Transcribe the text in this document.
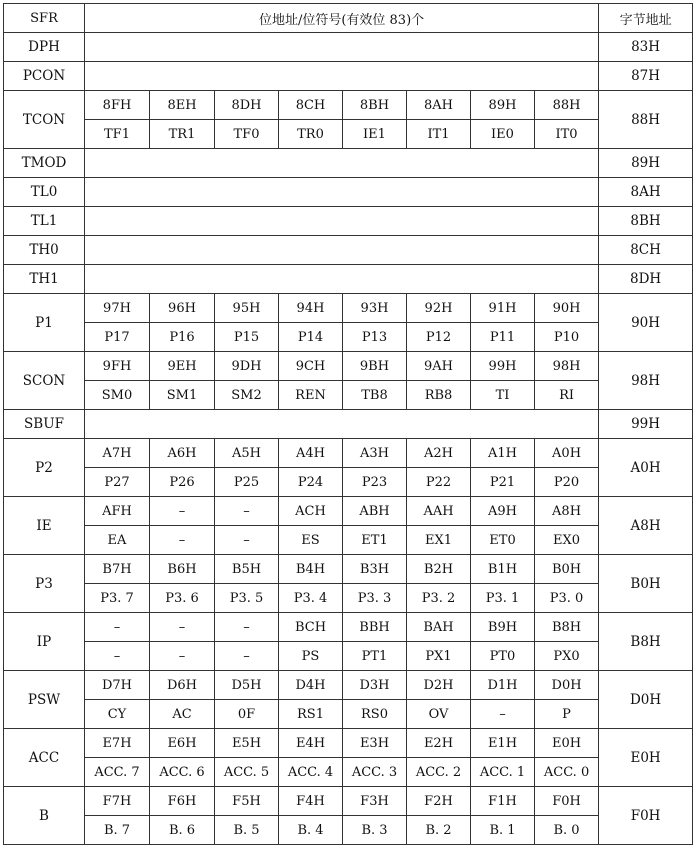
SFR	位地址/位符号(有效位 83)个								字节地址
DPH									83H
PCON									87H
TCON	8FH	8EH	8DH	8CH	8BH	8AH	89H	88H	88H
	TF1	TR1	TF0	TR0	IE1	IT1	IE0	IT0	
TMOD									89H
TL0									8AH
TL1									8BH
TH0									8CH
TH1									8DH
P1	97H	96H	95H	94H	93H	92H	91H	90H	90H
	P17	P16	P15	P14	P13	P12	P11	P10	
SCON	9FH	9EH	9DH	9CH	9BH	9AH	99H	98H	98H
	SM0	SM1	SM2	REN	TB8	RB8	TI	RI	
SBUF									99H
P2	A7H	A6H	A5H	A4H	A3H	A2H	A1H	A0H	A0H
	P27	P26	P25	P24	P23	P22	P21	P20	
IE	AFH	–	–	ACH	ABH	AAH	A9H	A8H	A8H
	EA	–	–	ES	ET1	EX1	ET0	EX0	
P3	B7H	B6H	B5H	B4H	B3H	B2H	B1H	B0H	B0H
	P3. 7	P3. 6	P3. 5	P3. 4	P3. 3	P3. 2	P3. 1	P3. 0	
IP	–	–	–	BCH	BBH	BAH	B9H	B8H	B8H
	–	–	–	PS	PT1	PX1	PT0	PX0	
PSW	D7H	D6H	D5H	D4H	D3H	D2H	D1H	D0H	D0H
	CY	AC	0F	RS1	RS0	OV	–	P	
ACC	E7H	E6H	E5H	E4H	E3H	E2H	E1H	E0H	E0H
	ACC. 7	ACC. 6	ACC. 5	ACC. 4	ACC. 3	ACC. 2	ACC. 1	ACC. 0	
B	F7H	F6H	F5H	F4H	F3H	F2H	F1H	F0H	F0H
	B. 7	B. 6	B. 5	B. 4	B. 3	B. 2	B. 1	B. 0	
